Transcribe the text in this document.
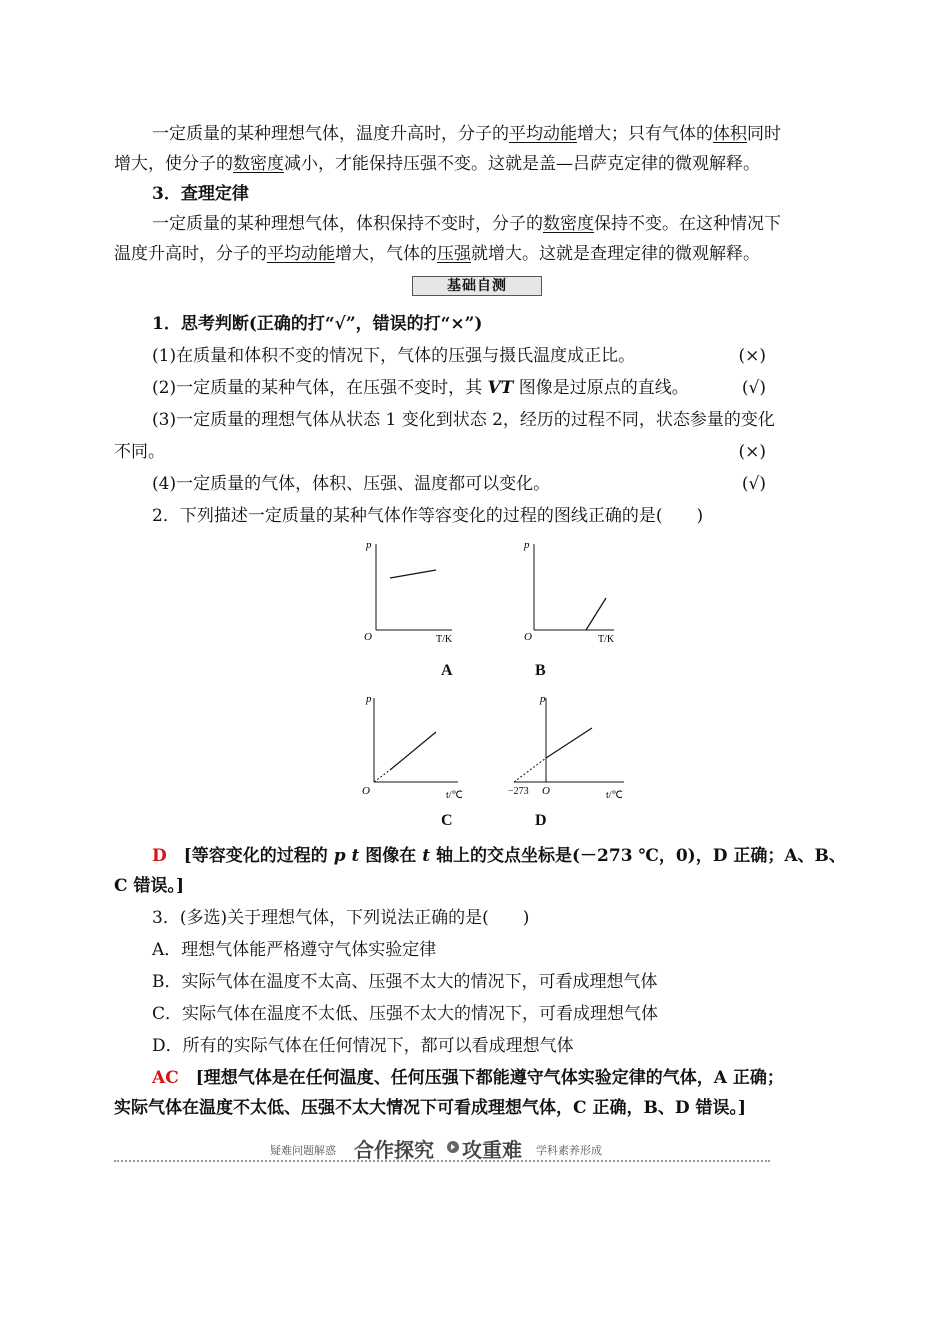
一定质量的某种理想气体，温度升高时，分子的平均动能增大；只有气体的体积同时
增大，使分子的数密度减小，才能保持压强不变。这就是盖—吕萨克定律的微观解释。
3．查理定律
一定质量的某种理想气体，体积保持不变时，分子的数密度保持不变。在这种情况下
温度升高时，分子的平均动能增大，气体的压强就增大。这就是查理定律的微观解释。
基础自测
1．思考判断(正确的打“√”，错误的打“×”)
(1)在质量和体积不变的情况下，气体的压强与摄氏温度成正比。	(×)
(2)一定质量的某种气体，在压强不变时，其 VT 图像是过原点的直线。	(√)
(3)一定质量的理想气体从状态 1 变化到状态 2，经历的过程不同，状态参量的变化
不同。	(×)
(4)一定质量的气体，体积、压强、温度都可以变化。	(√)
2．下列描述一定质量的某种气体作等容变化的过程的图线正确的是(　　)
p
O	T/K
A
p
O	T/K
B
p
O	t/℃
C
p
−273 O	t/℃
D
D　 [等容变化的过程的 p t 图像在 t 轴上的交点坐标是(－273 ℃，0)，D 正确；A、B、
C 错误。]
3．(多选)关于理想气体，下列说法正确的是(　　)
A．理想气体能严格遵守气体实验定律
B．实际气体在温度不太高、压强不太大的情况下，可看成理想气体
C．实际气体在温度不太低、压强不太大的情况下，可看成理想气体
D．所有的实际气体在任何情况下，都可以看成理想气体
AC　 [理想气体是在任何温度、任何压强下都能遵守气体实验定律的气体，A 正确；
实际气体在温度不太低、压强不太大情况下可看成理想气体，C 正确，B、D 错误。]
疑难问题解惑 合作探究 攻重难 学科素养形成
